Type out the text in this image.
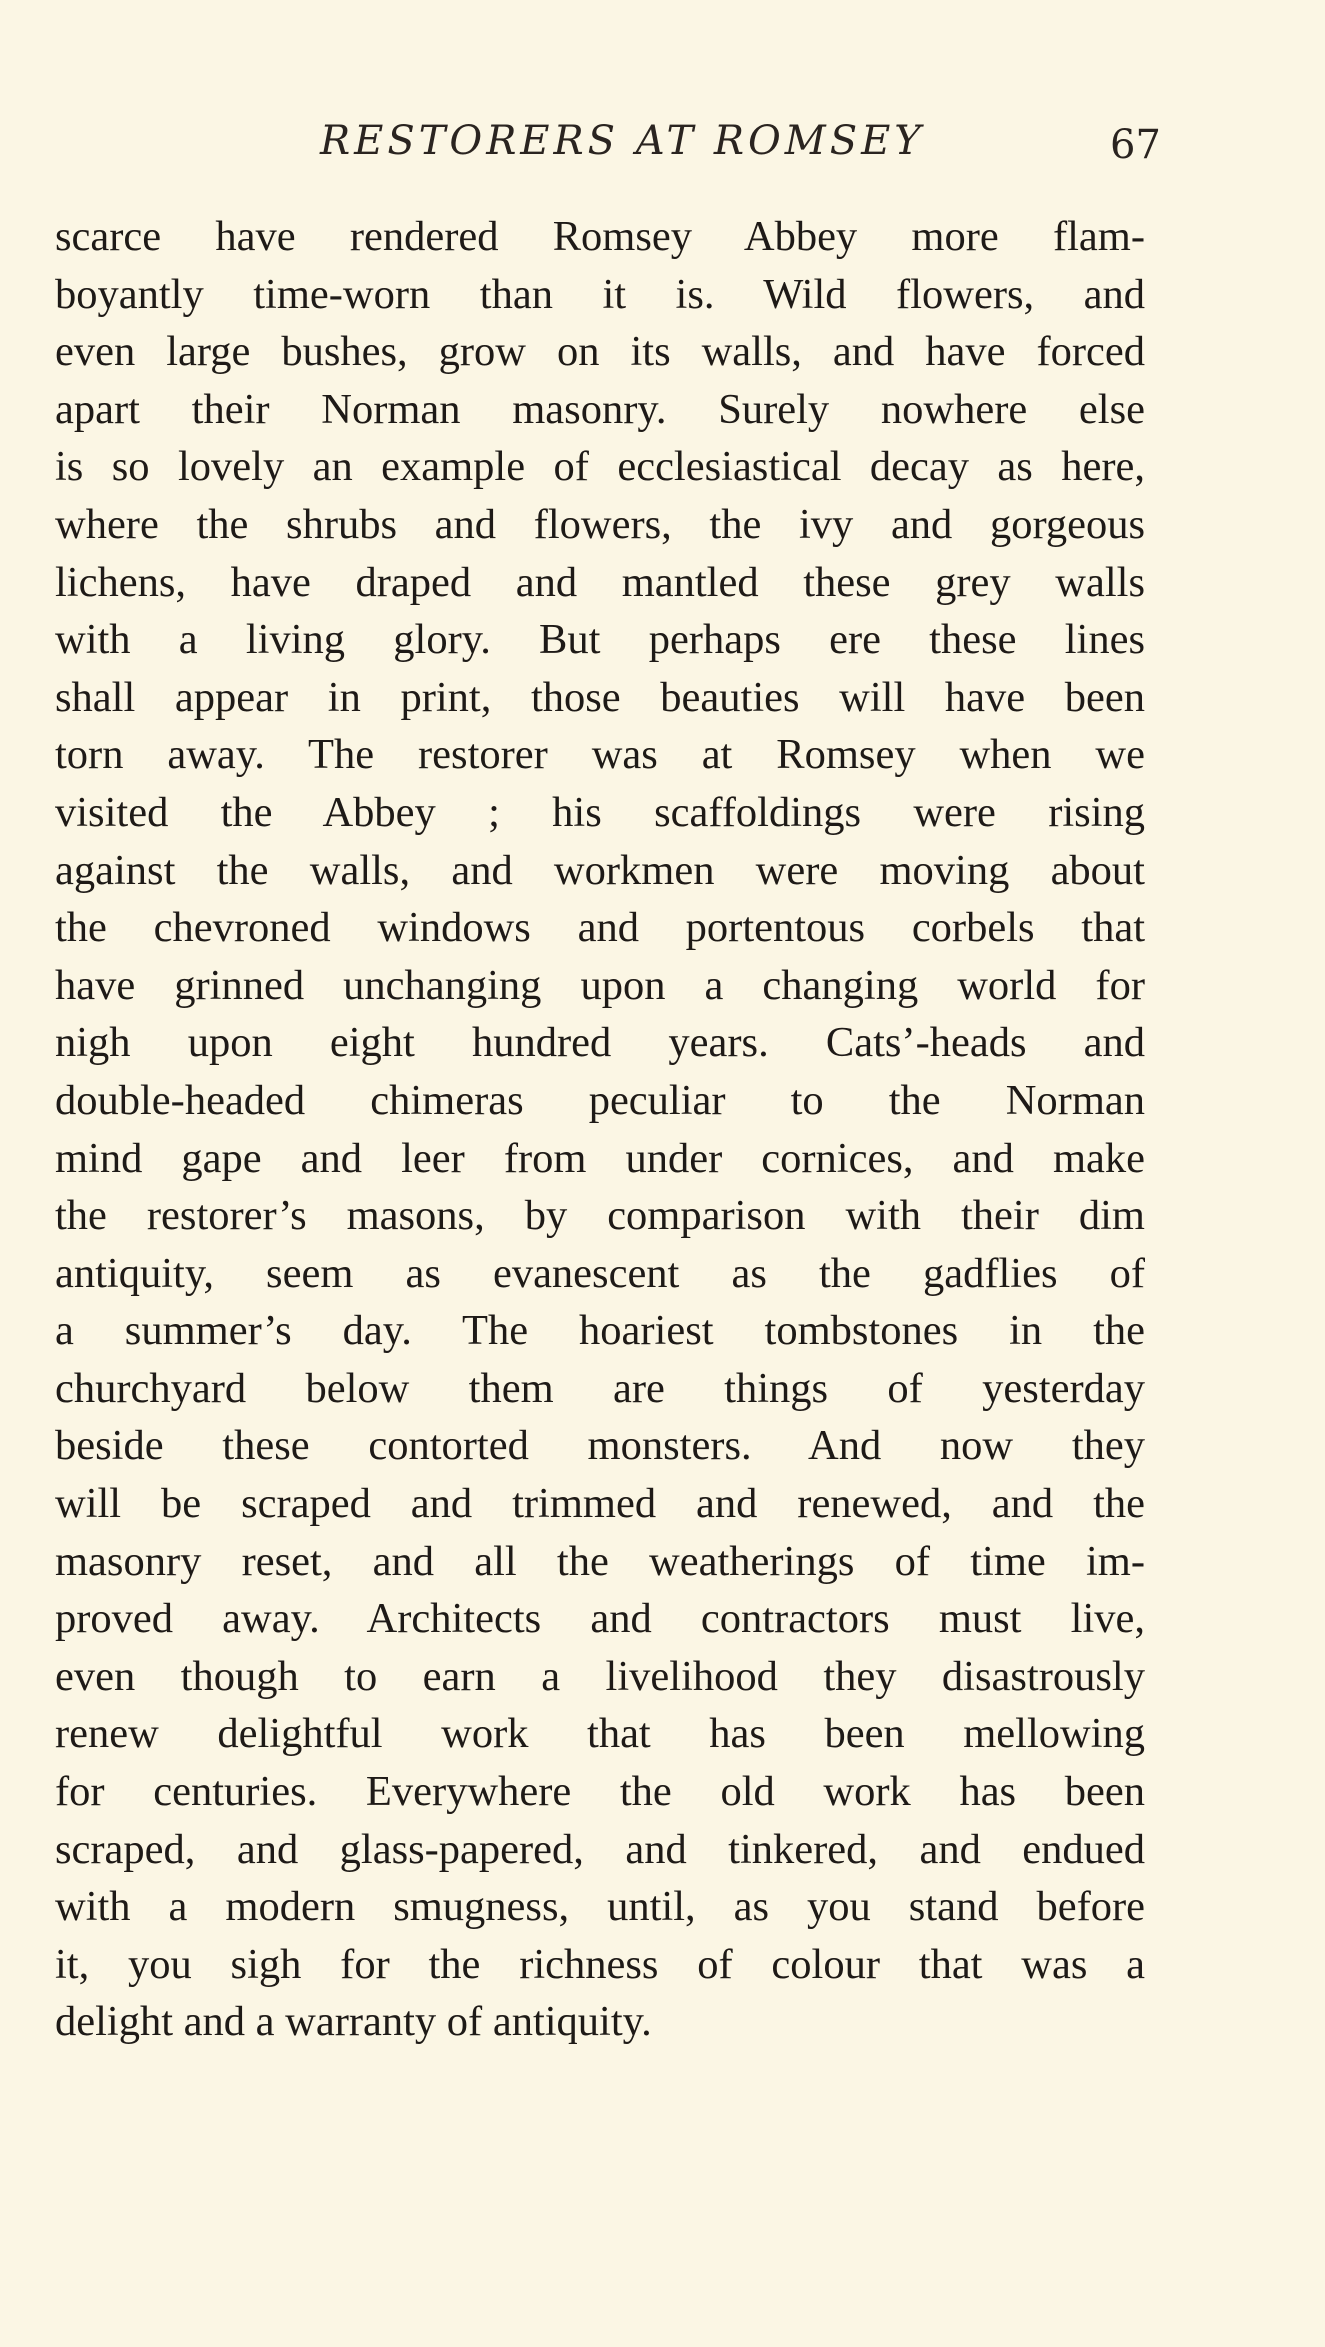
RESTORERS AT ROMSEY	67
scarce have rendered Romsey Abbey more flam-
boyantly time-worn than it is. Wild flowers, and
even large bushes, grow on its walls, and have forced
apart their Norman masonry. Surely nowhere else
is so lovely an example of ecclesiastical decay as here,
where the shrubs and flowers, the ivy and gorgeous
lichens, have draped and mantled these grey walls
with a living glory. But perhaps ere these lines
shall appear in print, those beauties will have been
torn away. The restorer was at Romsey when we
visited the Abbey ; his scaffoldings were rising
against the walls, and workmen were moving about
the chevroned windows and portentous corbels that
have grinned unchanging upon a changing world for
nigh upon eight hundred years. Cats’-heads and
double-headed chimeras peculiar to the Norman
mind gape and leer from under cornices, and make
the restorer’s masons, by comparison with their dim
antiquity, seem as evanescent as the gadflies of
a summer’s day. The hoariest tombstones in the
churchyard below them are things of yesterday
beside these contorted monsters. And now they
will be scraped and trimmed and renewed, and the
masonry reset, and all the weatherings of time im-
proved away. Architects and contractors must live,
even though to earn a livelihood they disastrously
renew delightful work that has been mellowing
for centuries. Everywhere the old work has been
scraped, and glass-papered, and tinkered, and endued
with a modern smugness, until, as you stand before
it, you sigh for the richness of colour that was a
delight and a warranty of antiquity.
